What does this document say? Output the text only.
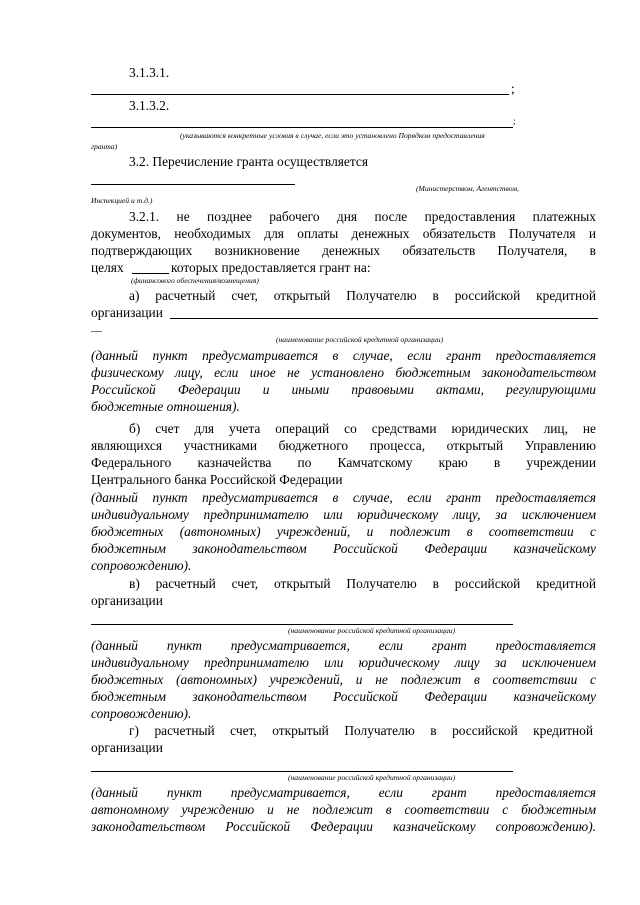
3.1.3.1.
;
3.1.3.2.
;
(указываются конкретные условия в случае, если это установлено Порядком предоставления
гранта)
3.2. Перечисление гранта осуществляется
(Министерством, Агентством,
Инспекцией и т.д.)
3.2.1. не позднее рабочего дня после предоставления платежных
документов, необходимых для оплаты денежных обязательств Получателя и
подтверждающих возникновение денежных обязательств Получателя, в
целях	которых предоставляется грант на:
(финансового обеспечения/возмещения)
а) расчетный счет, открытый Получателю в российской кредитной
организации
—
(наименование российской кредитной организации)
(данный пункт предусматривается в случае, если грант предоставляется
физическому лицу, если иное не установлено бюджетным законодательством
Российской Федерации и иными правовыми актами, регулирующими
бюджетные отношения).
б) счет для учета операций со средствами юридических лиц, не
являющихся участниками бюджетного процесса, открытый Управлению
Федерального казначейства по Камчатскому краю в учреждении
Центрального банка Российской Федерации
(данный пункт предусматривается в случае, если грант предоставляется
индивидуальному предпринимателю или юридическому лицу, за исключением
бюджетных (автономных) учреждений, и подлежит в соответствии с
бюджетным законодательством Российской Федерации казначейскому
сопровождению).
в) расчетный счет, открытый Получателю в российской кредитной
организации
(наименование российской кредитной организации)
(данный пункт предусматривается, если грант предоставляется
индивидуальному предпринимателю или юридическому лицу за исключением
бюджетных (автономных) учреждений, и не подлежит в соответствии с
бюджетным законодательством Российской Федерации казначейскому
сопровождению).
г) расчетный счет, открытый Получателю в российской кредитной
организации
(наименование российской кредитной организации)
(данный пункт предусматривается, если грант предоставляется
автономному учреждению и не подлежит в соответствии с бюджетным
законодательством Российской Федерации казначейскому сопровождению).
